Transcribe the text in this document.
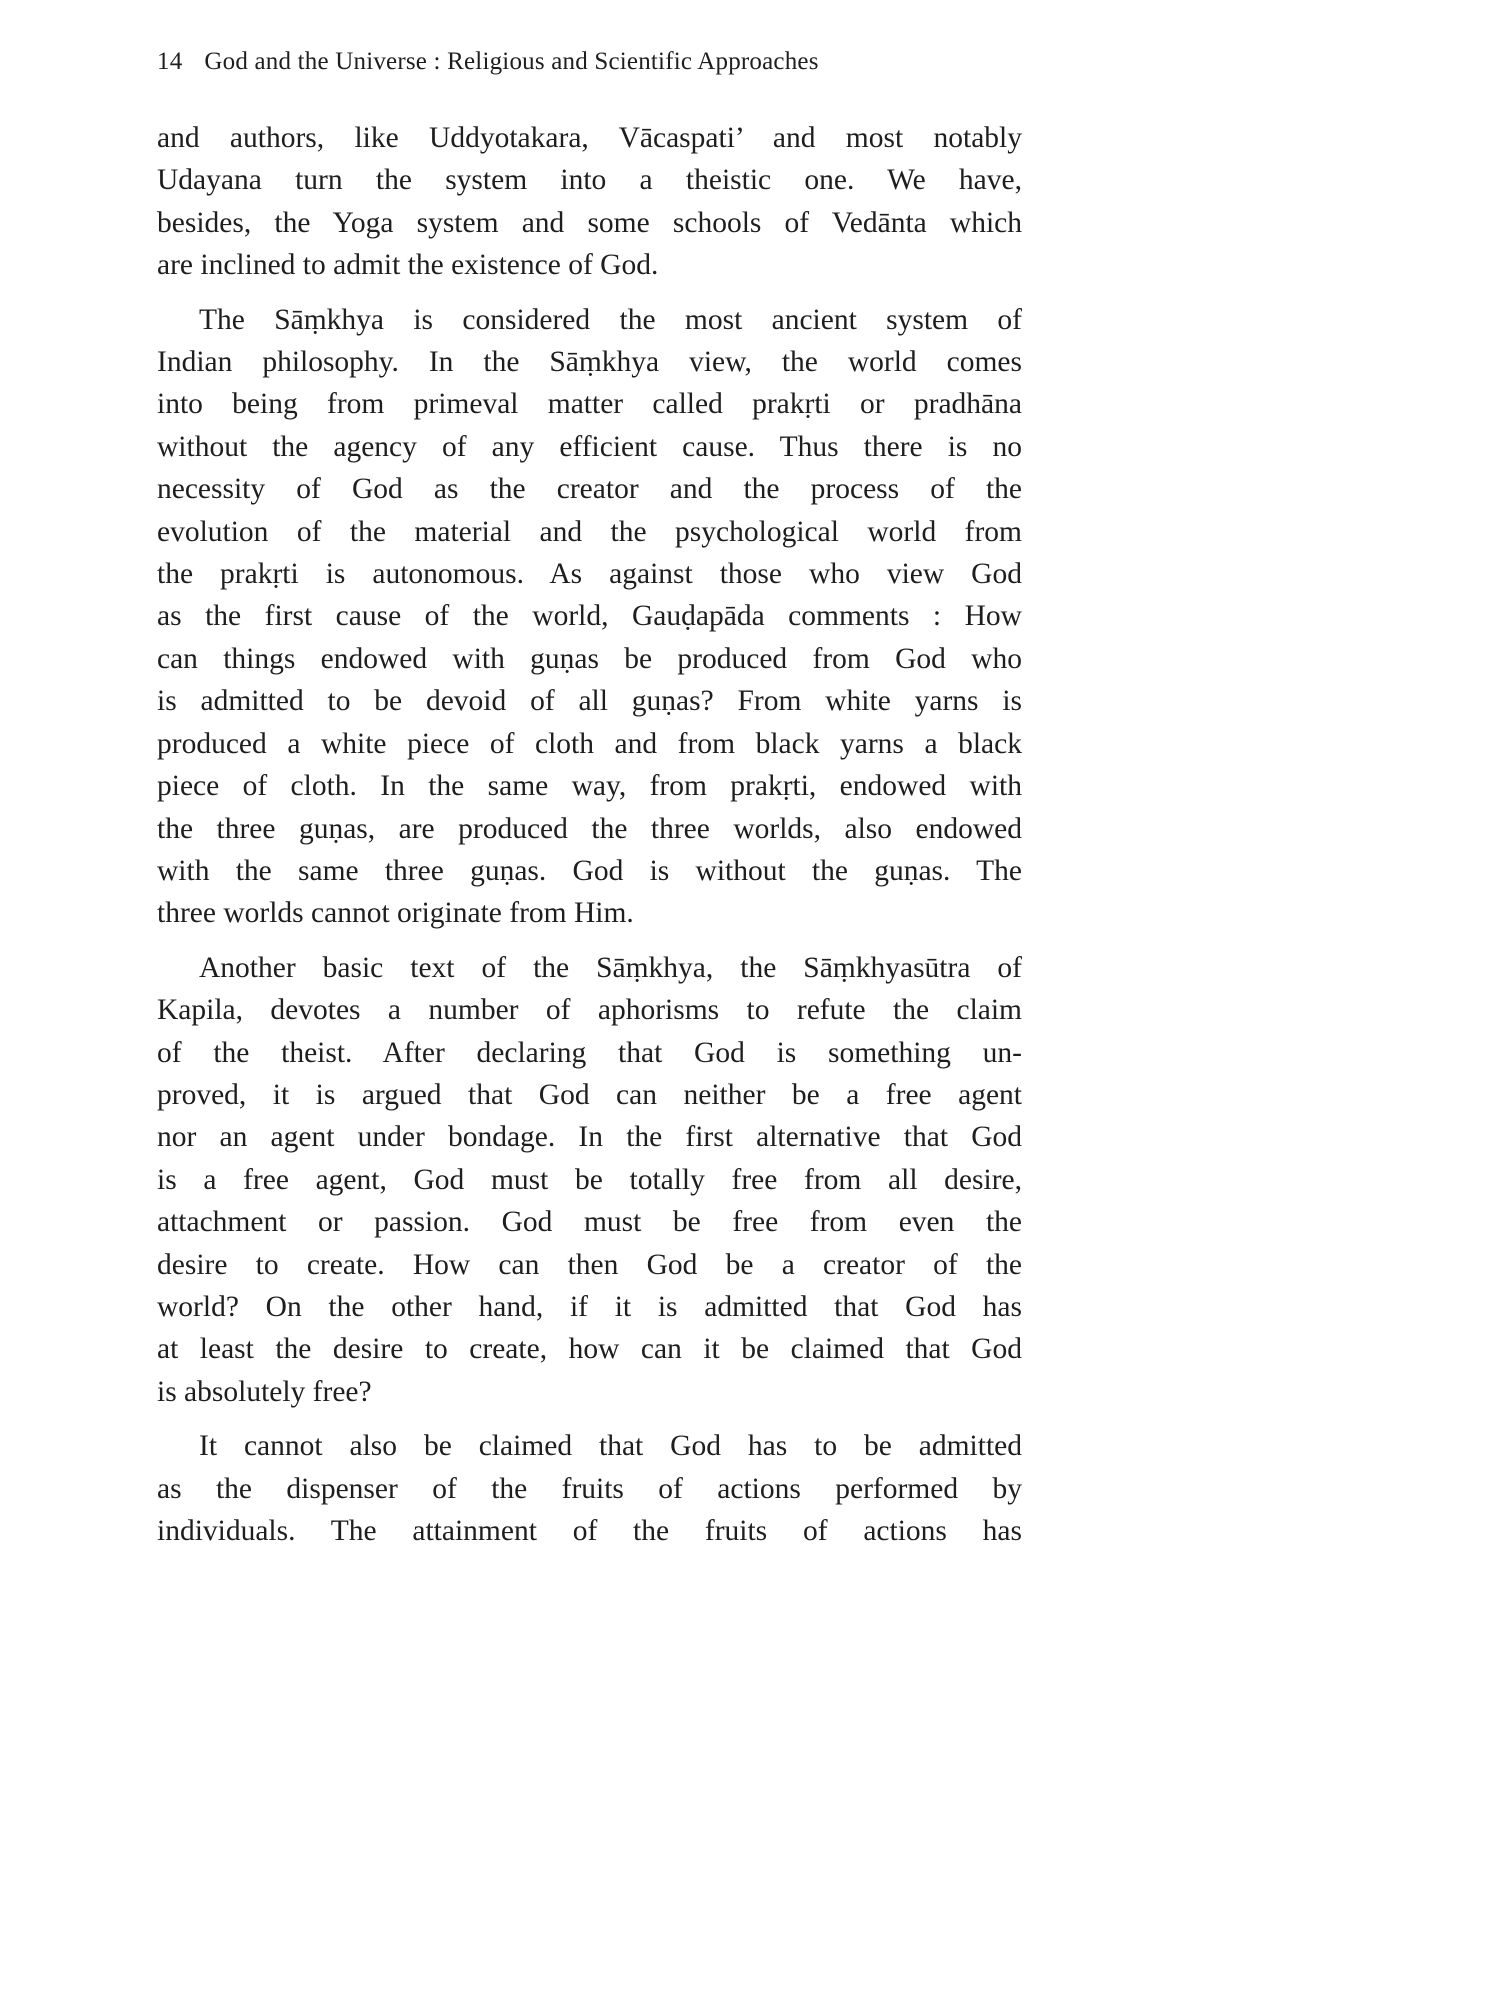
14 God and the Universe : Religious and Scientific Approaches

and authors, like Uddyotakara, Vācaspati’ and most notably
Udayana turn the system into a theistic one. We have,
besides, the Yoga system and some schools of Vedānta which
are inclined to admit the existence of God.

The Sāṃkhya is considered the most ancient system of
Indian philosophy. In the Sāṃkhya view, the world comes
into being from primeval matter called prakṛti or pradhāna
without the agency of any efficient cause. Thus there is no
necessity of God as the creator and the process of the
evolution of the material and the psychological world from
the prakṛti is autonomous. As against those who view God
as the first cause of the world, Gauḍapāda comments : How
can things endowed with guṇas be produced from God who
is admitted to be devoid of all guṇas? From white yarns is
produced a white piece of cloth and from black yarns a black
piece of cloth. In the same way, from prakṛti, endowed with
the three guṇas, are produced the three worlds, also endowed
with the same three guṇas. God is without the guṇas. The
three worlds cannot originate from Him.

Another basic text of the Sāṃkhya, the Sāṃkhyasūtra of
Kapila, devotes a number of aphorisms to refute the claim
of the theist. After declaring that God is something un-
proved, it is argued that God can neither be a free agent
nor an agent under bondage. In the first alternative that God
is a free agent, God must be totally free from all desire,
attachment or passion. God must be free from even the
desire to create. How can then God be a creator of the
world? On the other hand, if it is admitted that God has
at least the desire to create, how can it be claimed that God
is absolutely free?

It cannot also be claimed that God has to be admitted
as the dispenser of the fruits of actions performed by
individuals. The attainment of the fruits of actions has
